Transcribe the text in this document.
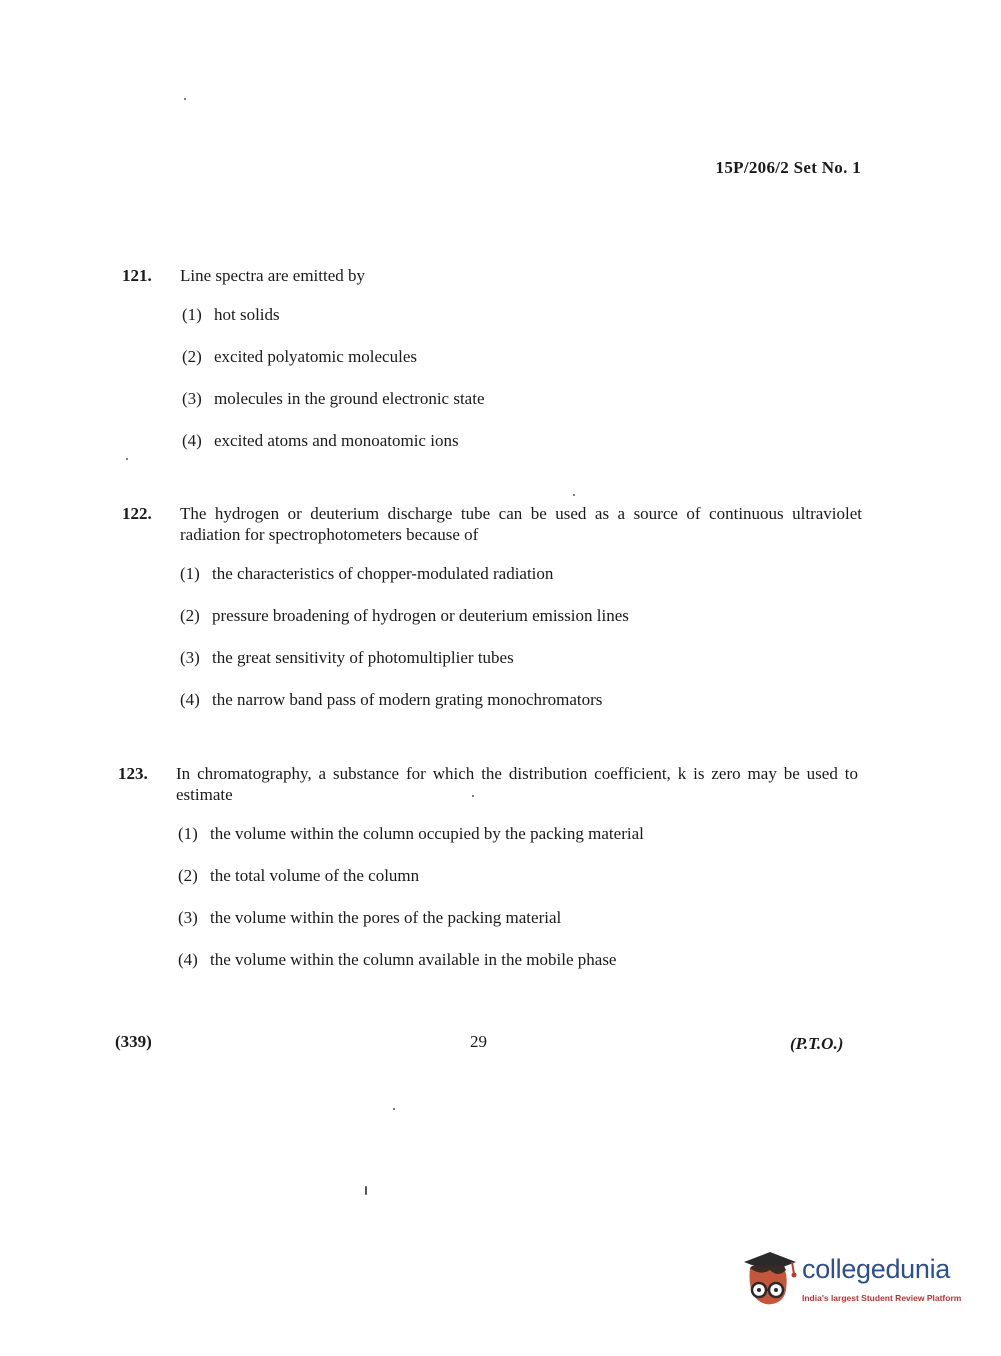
15P/206/2 Set No. 1
121.	Line spectra are emitted by
(1) hot solids
(2) excited polyatomic molecules
(3) molecules in the ground electronic state
(4) excited atoms and monoatomic ions
122.	The hydrogen or deuterium discharge tube can be used as a source of continuous ultraviolet radiation for spectrophotometers because of
(1) the characteristics of chopper-modulated radiation
(2) pressure broadening of hydrogen or deuterium emission lines
(3) the great sensitivity of photomultiplier tubes
(4) the narrow band pass of modern grating monochromators
123.	In chromatography, a substance for which the distribution coefficient, k is zero may be used to estimate
(1) the volume within the column occupied by the packing material
(2) the total volume of the column
(3) the volume within the pores of the packing material
(4) the volume within the column available in the mobile phase
(339)	29	(P.T.O.)
collegedunia
India's largest Student Review Platform
